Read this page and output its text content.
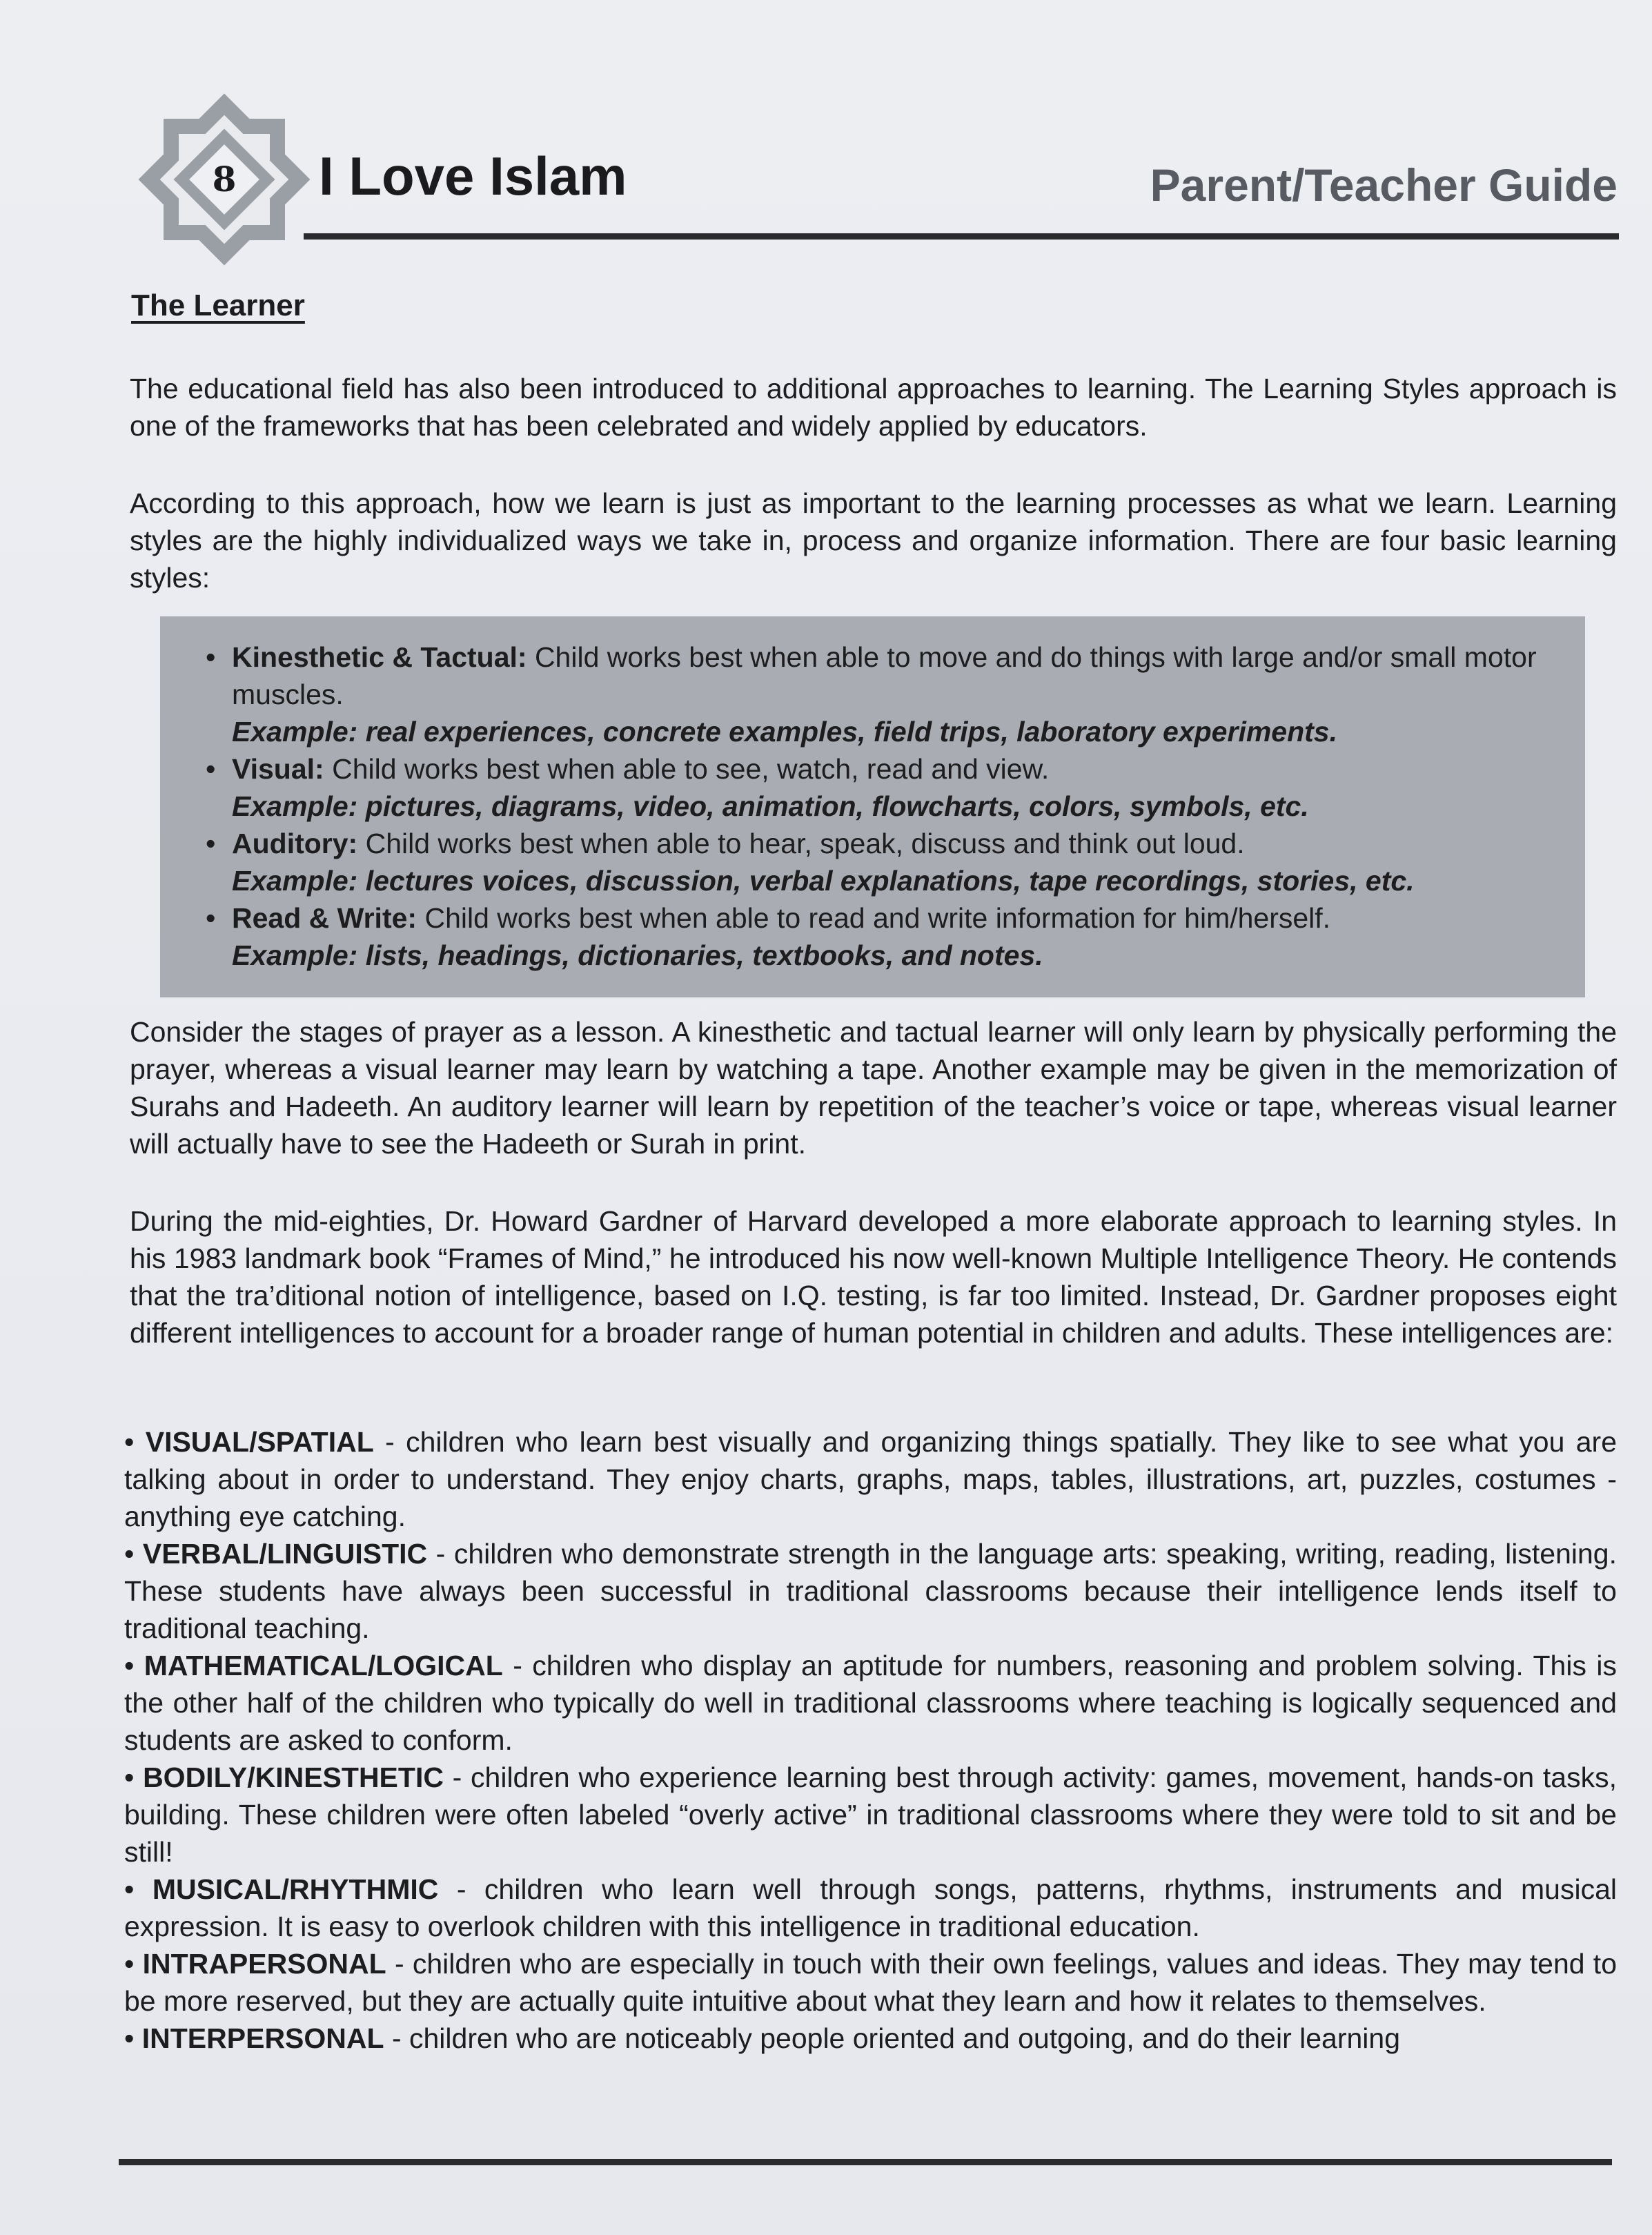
8 I Love Islam	Parent/Teacher Guide
The Learner

The educational field has also been introduced to additional approaches to learning. The Learning Styles approach is one of the frameworks that has been celebrated and widely applied by educators.

According to this approach, how we learn is just as important to the learning processes as what we learn. Learning styles are the highly individualized ways we take in, process and organize information. There are four basic learning styles:

• Kinesthetic & Tactual: Child works best when able to move and do things with large and/or small motor muscles.
Example: real experiences, concrete examples, field trips, laboratory experiments.
• Visual: Child works best when able to see, watch, read and view.
Example: pictures, diagrams, video, animation, flowcharts, colors, symbols, etc.
• Auditory: Child works best when able to hear, speak, discuss and think out loud.
Example: lectures voices, discussion, verbal explanations, tape recordings, stories, etc.
• Read & Write: Child works best when able to read and write information for him/herself.
Example: lists, headings, dictionaries, textbooks, and notes.

Consider the stages of prayer as a lesson. A kinesthetic and tactual learner will only learn by physically performing the prayer, whereas a visual learner may learn by watching a tape. Another example may be given in the memorization of Surahs and Hadeeth. An auditory learner will learn by repetition of the teacher’s voice or tape, whereas visual learner will actually have to see the Hadeeth or Surah in print.

During the mid-eighties, Dr. Howard Gardner of Harvard developed a more elaborate approach to learning styles. In his 1983 landmark book “Frames of Mind,” he introduced his now well-known Multiple Intelligence Theory. He contends that the tra’ditional notion of intelligence, based on I.Q. testing, is far too limited. Instead, Dr. Gardner proposes eight different intelligences to account for a broader range of human potential in children and adults. These intelligences are:

• VISUAL/SPATIAL - children who learn best visually and organizing things spatially. They like to see what you are talking about in order to understand. They enjoy charts, graphs, maps, tables, illustrations, art, puzzles, costumes - anything eye catching.

• VERBAL/LINGUISTIC - children who demonstrate strength in the language arts: speaking, writing, reading, listening. These students have always been successful in traditional classrooms because their intelligence lends itself to traditional teaching.

• MATHEMATICAL/LOGICAL - children who display an aptitude for numbers, reasoning and problem solving. This is the other half of the children who typically do well in traditional classrooms where teaching is logically sequenced and students are asked to conform.

• BODILY/KINESTHETIC - children who experience learning best through activity: games, movement, hands-on tasks, building. These children were often labeled “overly active” in traditional classrooms where they were told to sit and be still!

• MUSICAL/RHYTHMIC - children who learn well through songs, patterns, rhythms, instruments and musical expression. It is easy to overlook children with this intelligence in traditional education.

• INTRAPERSONAL - children who are especially in touch with their own feelings, values and ideas. They may tend to be more reserved, but they are actually quite intuitive about what they learn and how it relates to themselves.

• INTERPERSONAL - children who are noticeably people oriented and outgoing, and do their learning
